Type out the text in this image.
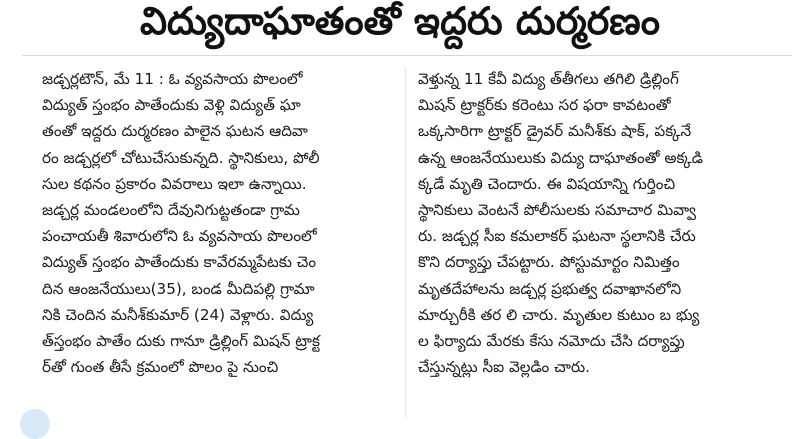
విద్యుదాఘాతంతో ఇద్దరు దుర్మరణం
జడ్చర్లటౌన్, మే 11 : ఓ వ్యవసాయ పొలంలో
విద్యుత్ స్తంభం పాతేందుకు వెళ్లి విద్యుత్ ఘా
తంతో ఇద్దరు దుర్మరణం పాలైన ఘటన ఆదివా
రం జడ్చర్లలో చోటుచేసుకున్నది. స్థానికులు, పోలీ
సుల కథనం ప్రకారం వివరాలు ఇలా ఉన్నాయి.
జడ్చర్ల మండలంలోని దేవునిగుట్టతండా గ్రామ
పంచాయతీ శివారులోని ఓ వ్యవసాయ పొలంలో
విద్యుత్ స్తంభం పాతేందుకు కావేరమ్మపేటకు చెం
దిన ఆంజనేయులు(35), బండ మీదిపల్లి గ్రామా
నికి చెందిన మనీశ్‌కుమార్ (24) వెళ్లారు. విద్యు
త్‌స్తంభం పాతేం దుకు గానూ డ్రిల్లింగ్ మిషన్ ట్రాక్ట
ర్‌తో గుంత తీసే క్రమంలో పొలం పై నుంచి
వెళ్తున్న 11 కేవీ విద్యు త్‌తీగలు తగిలి డ్రిల్లింగ్
మిషన్ ట్రాక్టర్‌కు కరెంటు సర ఫరా కావటంతో
ఒక్కసారిగా ట్రాక్టర్ డ్రైవర్ మనీశ్‌కు షాక్, పక్కనే
ఉన్న ఆంజనేయులుకు విద్యు దాఘాతంతో అక్కడి
క్కడే మృతి చెందారు. ఈ విషయాన్ని గుర్తించి
స్థానికులు వెంటనే పోలీసులకు సమాచార మివ్వా
రు. జడ్చర్ల సీఐ కమలాకర్ ఘటనా స్థలానికి చేరు
కొని దర్యాప్తు చేపట్టారు. పోస్టుమార్టం నిమిత్తం
మృతదేహాలను జడ్చర్ల ప్రభుత్వ దవాఖానలోని
మార్చురీకి తర లి చారు. మృతుల కుటుం బ భ్యు
ల ఫిర్యాదు మేరకు కేసు నమోదు చేసి దర్యాప్తు
చేస్తున్నట్లు సీఐ వెల్లడిం చారు.
